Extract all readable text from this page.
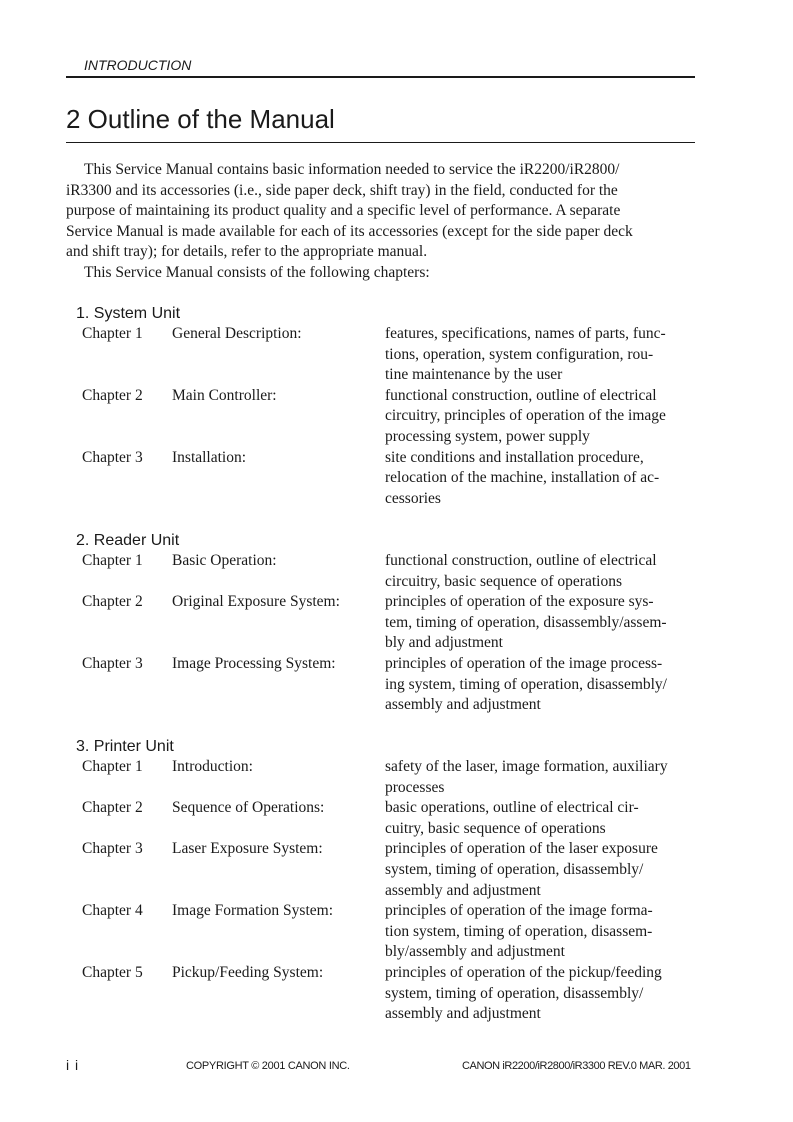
INTRODUCTION
2 Outline of the Manual

This Service Manual contains basic information needed to service the iR2200/iR2800/

iR3300 and its accessories (i.e., side paper deck, shift tray) in the field, conducted for the

purpose of maintaining its product quality and a specific level of performance. A separate

Service Manual is made available for each of its accessories (except for the side paper deck

and shift tray); for details, refer to the appropriate manual.

This Service Manual consists of the following chapters:

1. System Unit
Chapter 1 General Description:	features, specifications, names of parts, func-
tions, operation, system configuration, rou-
tine maintenance by the user
Chapter 2 Main Controller:	functional construction, outline of electrical
circuitry, principles of operation of the image
processing system, power supply
Chapter 3 Installation:	site conditions and installation procedure,
relocation of the machine, installation of ac-
cessories
2. Reader Unit
Chapter 1 Basic Operation:	functional construction, outline of electrical
circuitry, basic sequence of operations
Chapter 2 Original Exposure System:	principles of operation of the exposure sys-
tem, timing of operation, disassembly/assem-
bly and adjustment
Chapter 3 Image Processing System:	principles of operation of the image process-
ing system, timing of operation, disassembly/
assembly and adjustment
3. Printer Unit
Chapter 1 Introduction:	safety of the laser, image formation, auxiliary
processes
Chapter 2 Sequence of Operations:	basic operations, outline of electrical cir-
cuitry, basic sequence of operations
Chapter 3 Laser Exposure System:	principles of operation of the laser exposure
system, timing of operation, disassembly/
assembly and adjustment
Chapter 4 Image Formation System:	principles of operation of the image forma-
tion system, timing of operation, disassem-
bly/assembly and adjustment
Chapter 5 Pickup/Feeding System:	principles of operation of the pickup/feeding
system, timing of operation, disassembly/
assembly and adjustment
i i	COPYRIGHT © 2001 CANON INC.	CANON iR2200/iR2800/iR3300 REV.0 MAR. 2001
